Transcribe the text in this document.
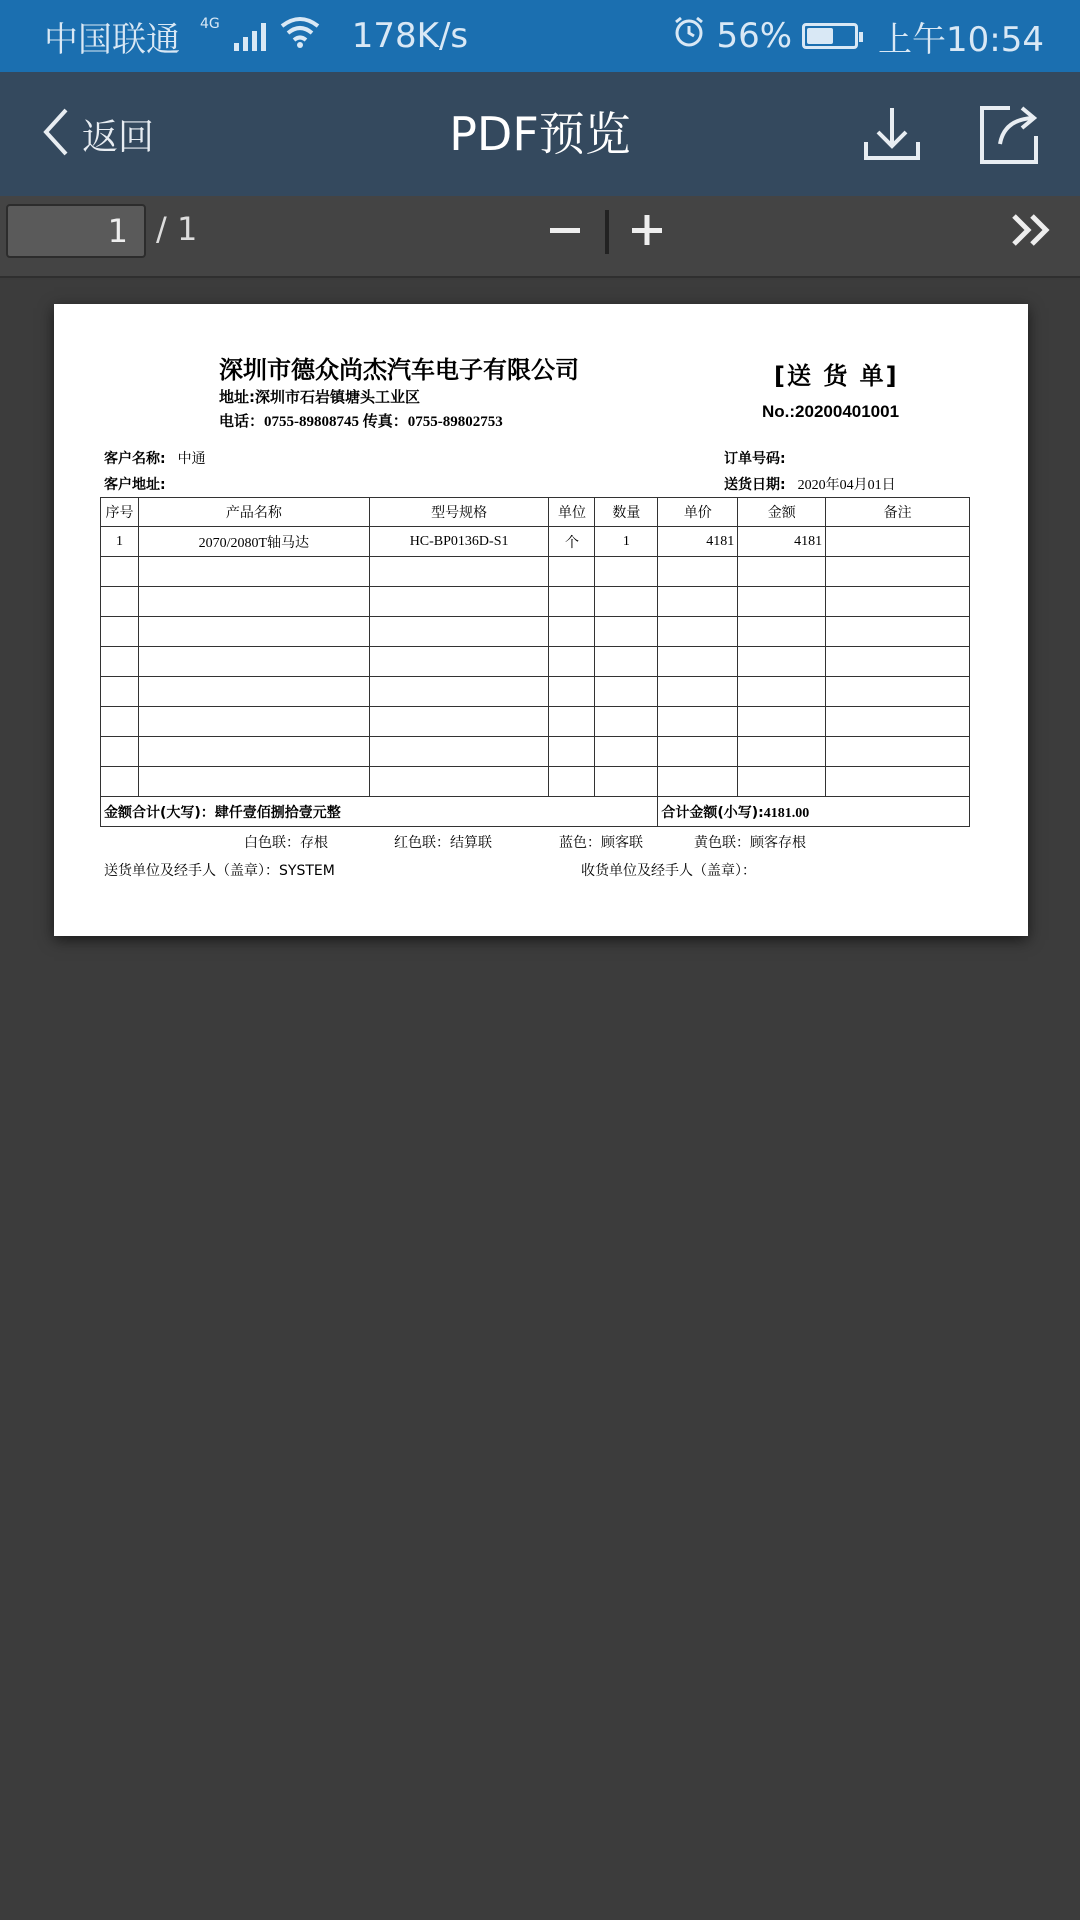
中国联通 4G	178K/s	56%	上午10:54
返回	PDF预览
1 / 1
深圳市德众尚杰汽车电子有限公司
地址:深圳市石岩镇塘头工业区
电话：0755-89808745 传真：0755-89802753
[送 货 单]
No.:20200401001
客户名称: 中通
客户地址:
订单号码:
送货日期: 2020年04月01日
序号	产品名称	型号规格	单位	数量	单价	金额	备注
1	2070/2080T轴马达	HC-BP0136D-S1	个	1	4181	4181	

金额合计(大写)：肆仟壹佰捌拾壹元整					合计金额(小写):4181.00		
白色联：存根	红色联：结算联	蓝色：顾客联	黄色联：顾客存根
送货单位及经手人（盖章）：SYSTEM	收货单位及经手人（盖章）：
